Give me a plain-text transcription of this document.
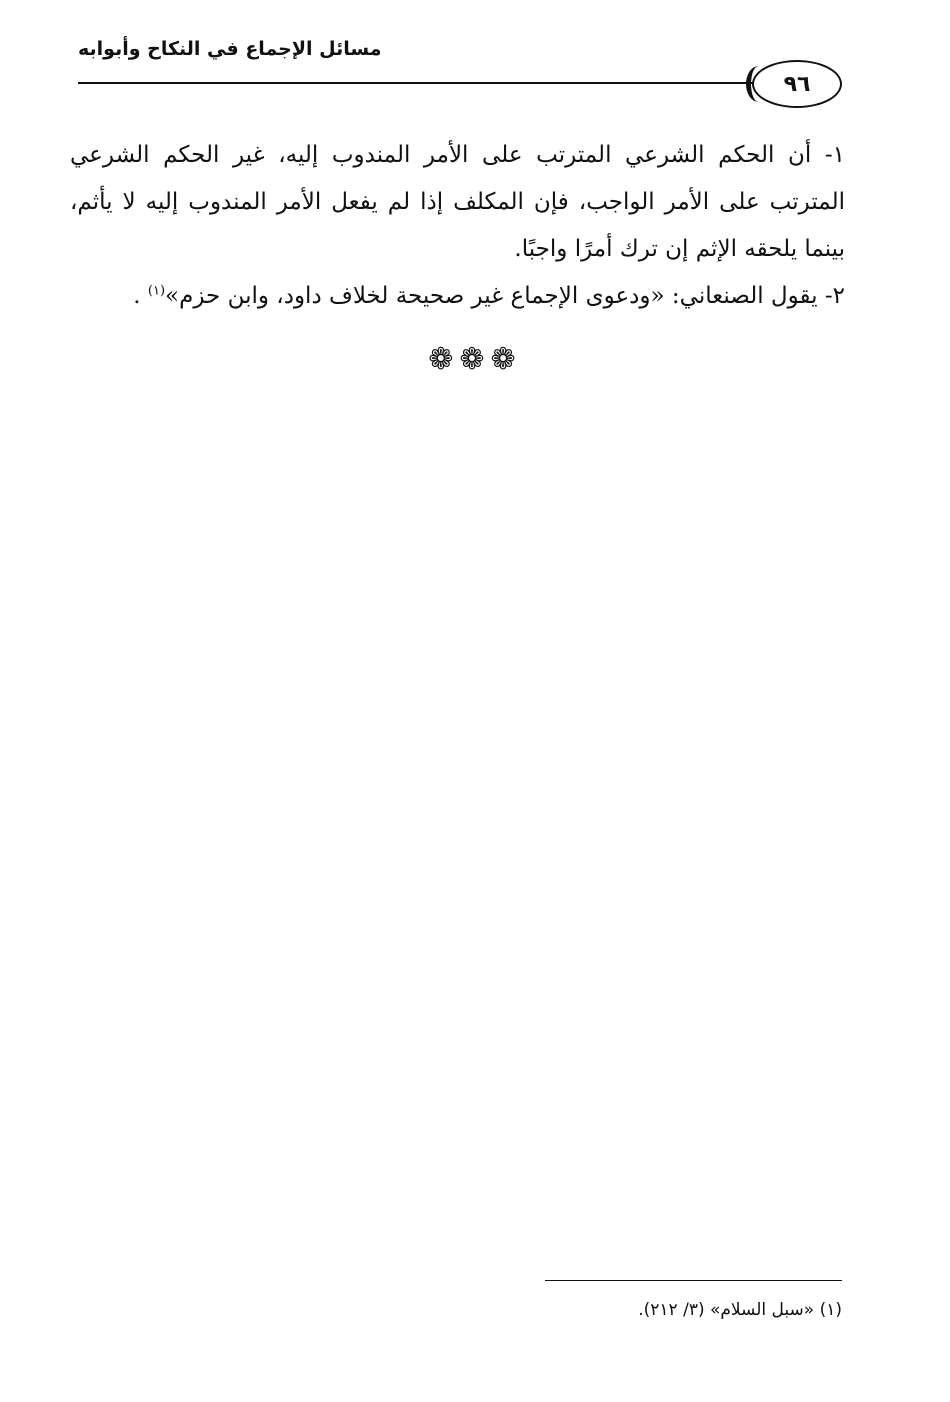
مسائل الإجماع في النكاح وأبوابه
٩٦

١- أن الحكم الشرعي المترتب على الأمر المندوب إليه، غير الحكم الشرعي المترتب على الأمر الواجب، فإن المكلف إذا لم يفعل الأمر المندوب إليه لا يأثم، بينما يلحقه الإثم إن ترك أمرًا واجبًا.

٢- يقول الصنعاني: «ودعوى الإجماع غير صحيحة لخلاف داود، وابن حزم»$^{(١)}$ .

❁❁❁
(١) «سبل السلام» (٣/ ٢١٢).
